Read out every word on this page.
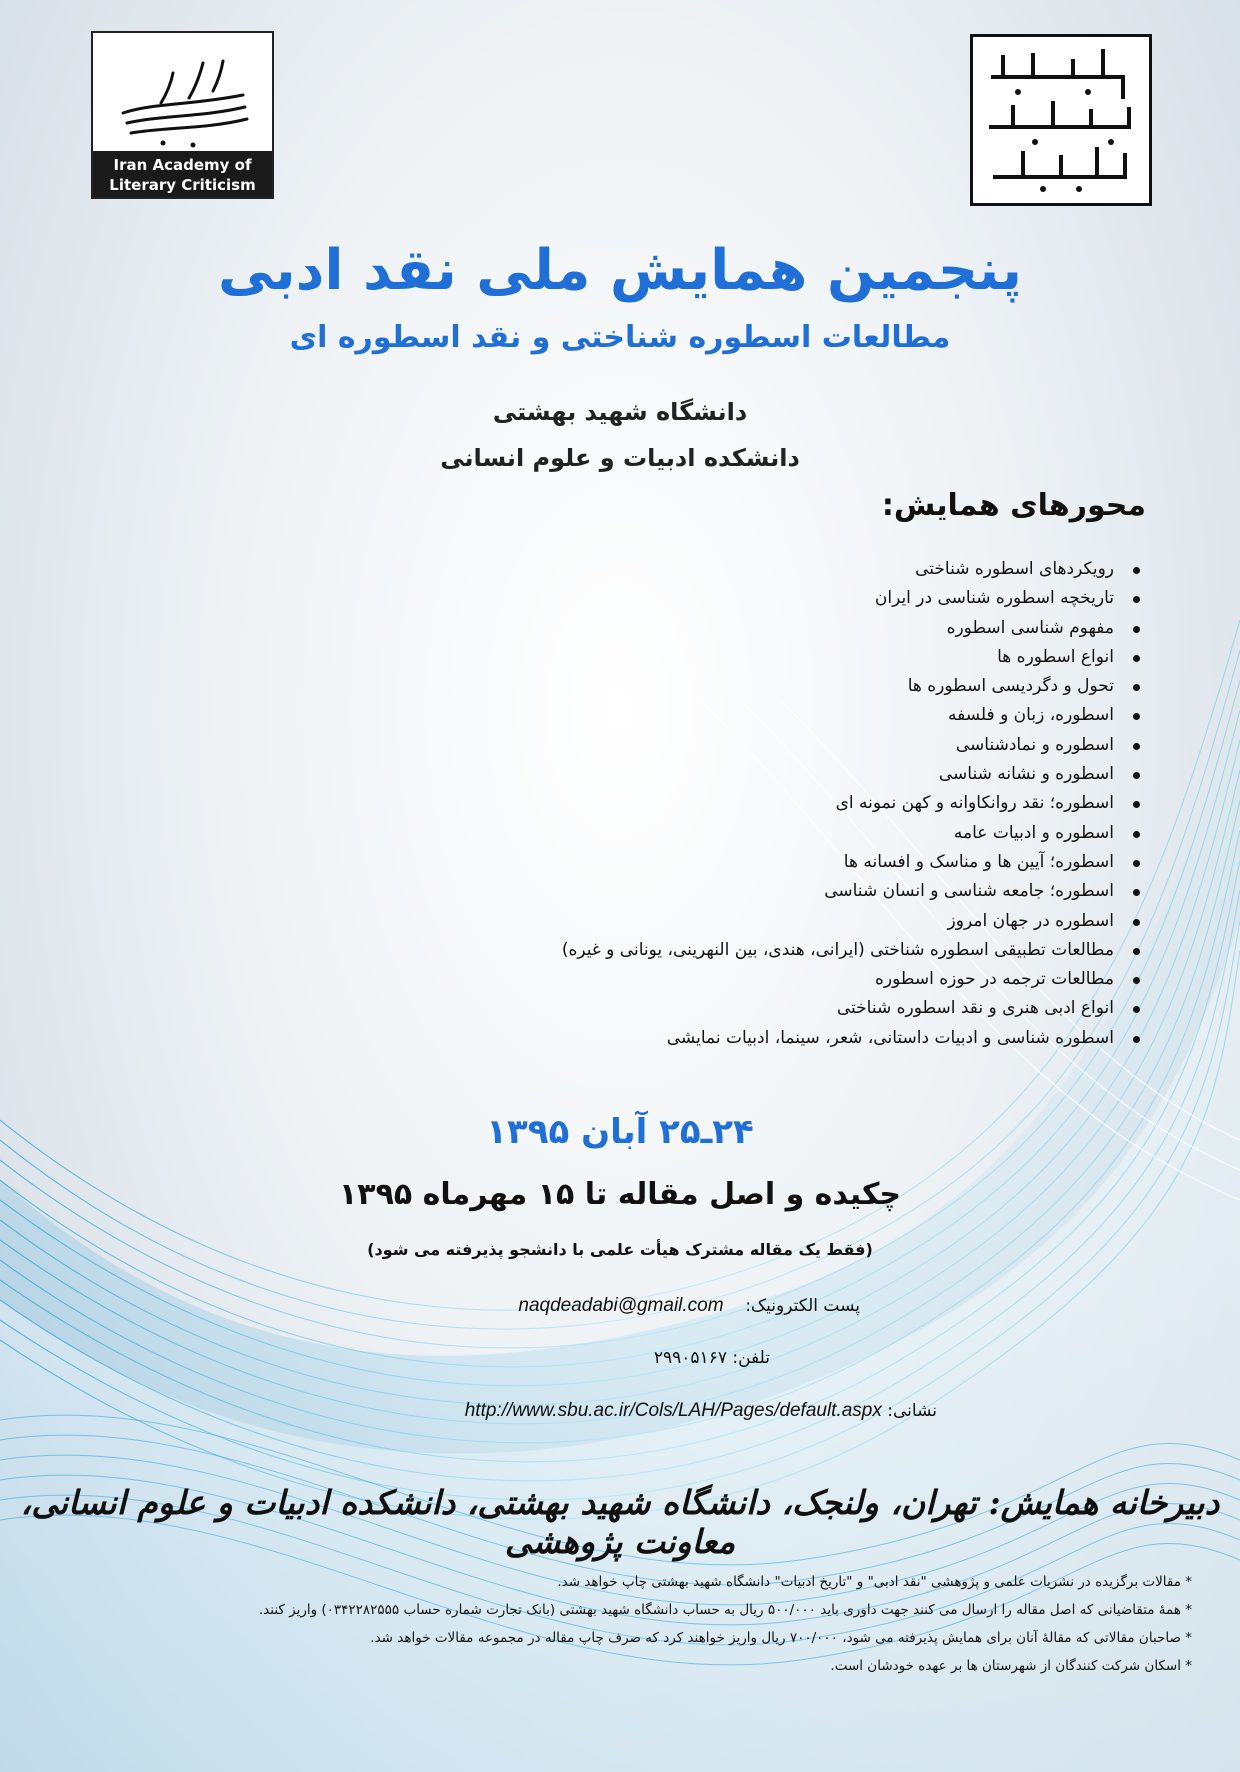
Iran Academy of
Literary Criticism
پنجمین همایش ملی نقد ادبی
مطالعات اسطوره شناختی و نقد اسطوره ای
دانشگاه شهید بهشتی
دانشکده ادبیات و علوم انسانی
محورهای همایش:
رویکردهای اسطوره شناختی
تاریخچه اسطوره شناسی در ایران
مفهوم شناسی اسطوره
انواع اسطوره ها
تحول و دگردیسی اسطوره ها
اسطوره، زبان و فلسفه
اسطوره و نمادشناسی
اسطوره و نشانه شناسی
اسطوره؛ نقد روانکاوانه و کهن نمونه ای
اسطوره و ادبیات عامه
اسطوره؛ آیین ها و مناسک و افسانه ها
اسطوره؛ جامعه شناسی و انسان شناسی
اسطوره در جهان امروز
مطالعات تطبیقی اسطوره شناختی (ایرانی، هندی، بین النهرینی، یونانی و غیره)
مطالعات ترجمه در حوزه اسطوره
انواع ادبی هنری و نقد اسطوره شناختی
اسطوره شناسی و ادبیات داستانی، شعر، سینما، ادبیات نمایشی
۲۴ـ۲۵ آبان ۱۳۹۵
چکیده و اصل مقاله تا ۱۵ مهرماه ۱۳۹۵
(فقط یک مقاله مشترک هیأت علمی با دانشجو پذیرفته می شود)
پست الکترونیک:    naqdeadabi@gmail.com
تلفن: ۲۹۹۰۵۱۶۷
نشانی: http://www.sbu.ac.ir/Cols/LAH/Pages/default.aspx
دبیرخانه همایش: تهران، ولنجک، دانشگاه شهید بهشتی، دانشکده ادبیات و علوم انسانی، معاونت پژوهشی
* مقالات برگزیده در نشریات علمی و پژوهشی "نقد ادبی" و "تاریخ ادبیات" دانشگاه شهید بهشتی چاپ خواهد شد.
* همهٔ متقاضیانی که اصل مقاله را ارسال می کنند جهت داوری باید ۵۰۰/۰۰۰ ریال به حساب دانشگاه شهید بهشتی (بانک تجارت شماره حساب ۰۳۴۲۲۸۲۵۵۵) واریز کنند.
* صاحبان مقالاتی که مقالهٔ آنان برای همایش پذیرفته می شود، ۷۰۰/۰۰۰ ریال واریز خواهند کرد که صرف چاپ مقاله در مجموعه مقالات خواهد شد.
* اسکان شرکت کنندگان از شهرستان ها بر عهده خودشان است.
